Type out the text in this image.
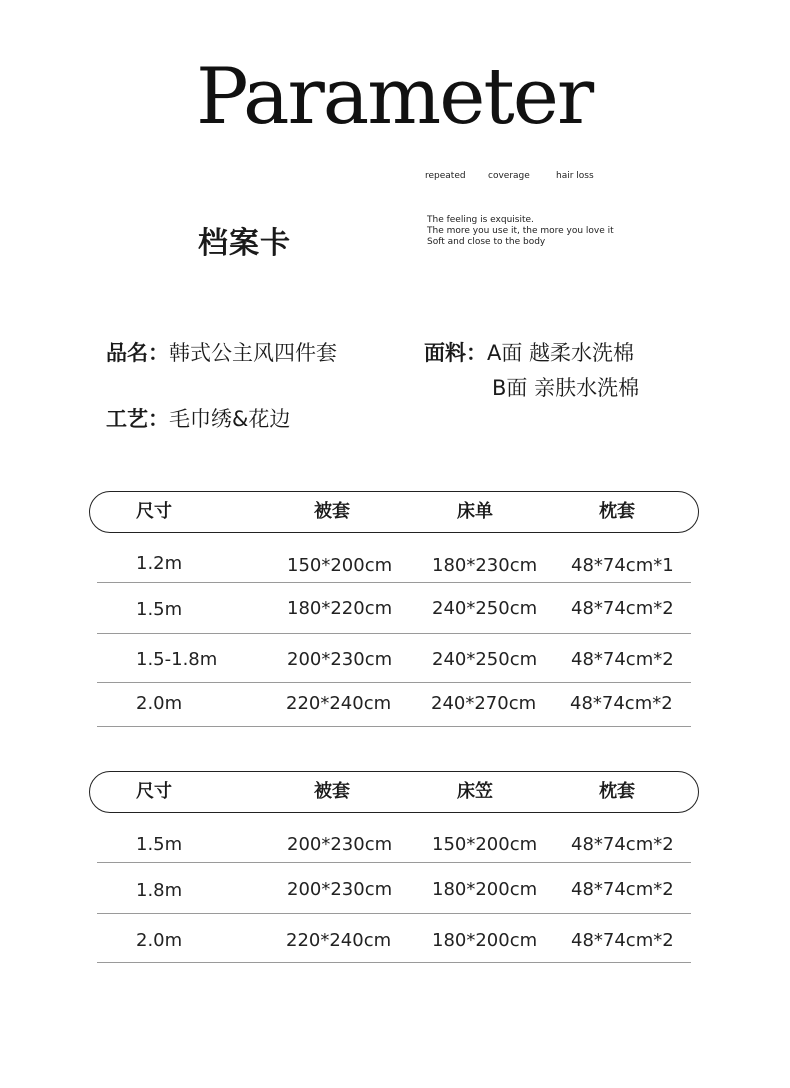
Parameter
repeated coverage	hair loss
档案卡
The feeling is exquisite.
The more you use it, the more you love it
Soft and close to the body
品名：韩式公主风四件套
工艺：毛巾绣&花边
面料：A面 越柔水洗棉
B面 亲肤水洗棉
尺寸	被套	床单	枕套
1.2m	150*200cm 180*230cm 48*74cm*1
1.5m	180*220cm 240*250cm 48*74cm*2
1.5-1.8m	200*230cm 240*250cm 48*74cm*2
2.0m	220*240cm 240*270cm 48*74cm*2
尺寸	被套	床笠	枕套
1.5m	200*230cm 150*200cm 48*74cm*2
1.8m	200*230cm 180*200cm 48*74cm*2
2.0m	220*240cm 180*200cm 48*74cm*2
